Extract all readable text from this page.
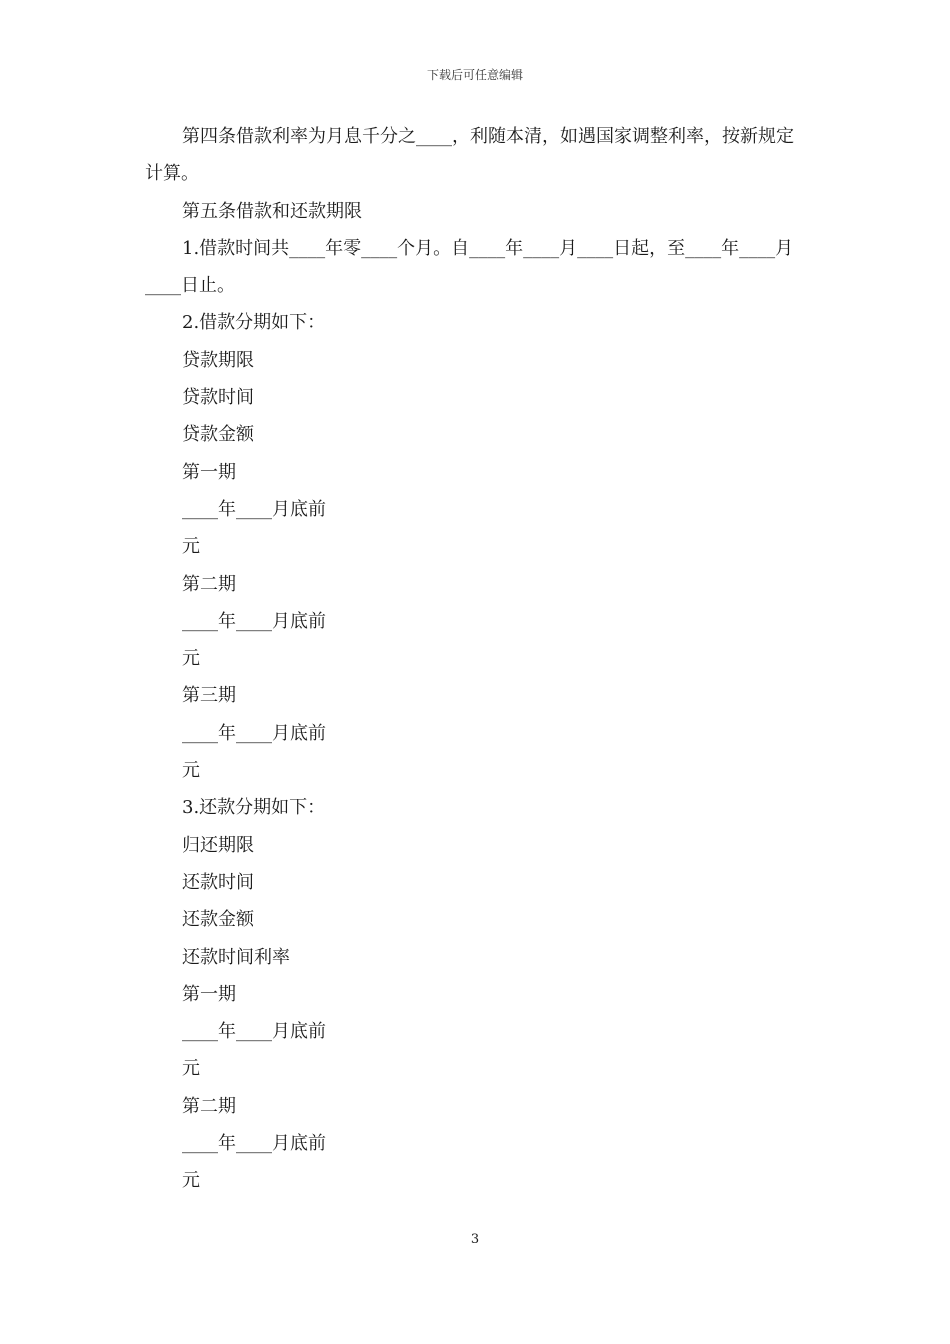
下载后可任意编辑

第四条借款利率为月息千分之____，利随本清，如遇国家调整利率，按新规定计算。

第五条借款和还款期限

1.借款时间共____年零____个月。自____年____月____日起，至____年____月____日止。

2.借款分期如下：

贷款期限

贷款时间

贷款金额

第一期

____年____月底前

元

第二期

____年____月底前

元

第三期

____年____月底前

元

3.还款分期如下：

归还期限

还款时间

还款金额

还款时间利率

第一期

____年____月底前

元

第二期

____年____月底前

元

3
